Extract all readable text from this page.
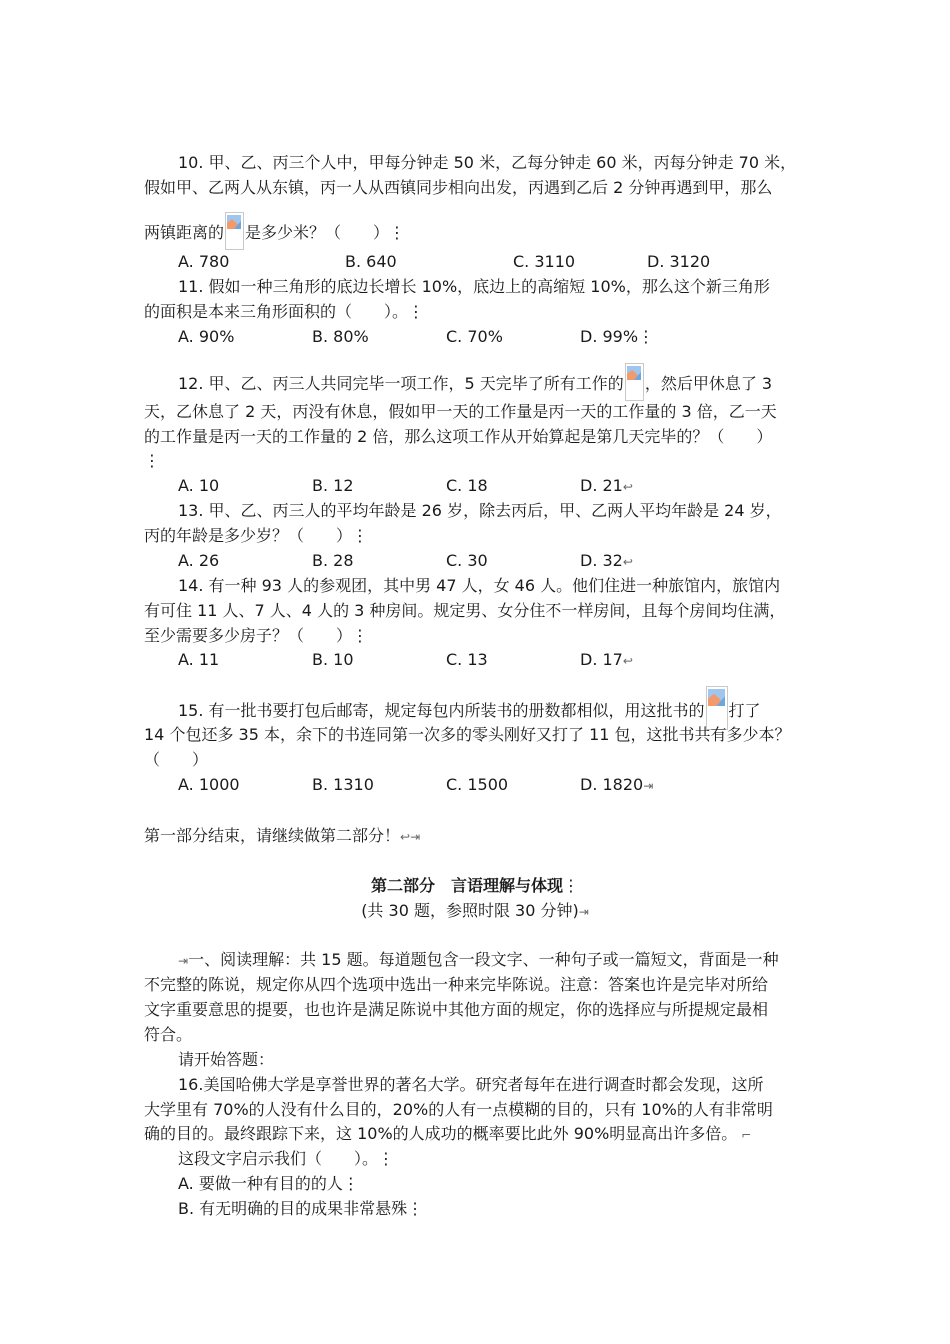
10. 甲、乙、丙三个人中，甲每分钟走 50 米，乙每分钟走 60 米，丙每分钟走 70 米，
假如甲、乙两人从东镇，丙一人从西镇同步相向出发，丙遇到乙后 2 分钟再遇到甲，那么
两镇距离的 是多少米？（　　）⋮
A. 780	B. 640	C. 3110	D. 3120
11. 假如一种三角形的底边长增长 10%，底边上的高缩短 10%，那么这个新三角形
的面积是本来三角形面积的（　　）。⋮
A. 90%	B. 80%	C. 70%	D. 99%⋮
12. 甲、乙、丙三人共同完毕一项工作，5 天完毕了所有工作的 ，然后甲休息了 3
天，乙休息了 2 天，丙没有休息，假如甲一天的工作量是丙一天的工作量的 3 倍，乙一天
的工作量是丙一天的工作量的 2 倍，那么这项工作从开始算起是第几天完毕的？（　　）
⋮
A. 10	B. 12	C. 18	D. 21↩
13. 甲、乙、丙三人的平均年龄是 26 岁，除去丙后，甲、乙两人平均年龄是 24 岁，
丙的年龄是多少岁？（　　）⋮
A. 26	B. 28	C. 30	D. 32↩
14. 有一种 93 人的参观团，其中男 47 人，女 46 人。他们住进一种旅馆内，旅馆内
有可住 11 人、7 人、4 人的 3 种房间。规定男、女分住不一样房间，且每个房间均住满，
至少需要多少房子？（　　）⋮
A. 11	B. 10	C. 13	D. 17↩
15. 有一批书要打包后邮寄，规定每包内所装书的册数都相似，用这批书的 打了
14 个包还多 35 本，余下的书连同第一次多的零头刚好又打了 11 包，这批书共有多少本？
（　　）
A. 1000	B. 1310	C. 1500	D. 1820⇥
第一部分结束，请继续做第二部分！↩⇥
第二部分　言语理解与体现⋮
(共 30 题，参照时限 30 分钟)⇥
⇥一、阅读理解：共 15 题。每道题包含一段文字、一种句子或一篇短文，背面是一种
不完整的陈说，规定你从四个选项中选出一种来完毕陈说。注意：答案也许是完毕对所给
文字重要意思的提要，也也许是满足陈说中其他方面的规定，你的选择应与所提规定最相
符合。
请开始答题：
16.美国哈佛大学是享誉世界的著名大学。研究者每年在进行调查时都会发现，这所
大学里有 70%的人没有什么目的，20%的人有一点模糊的目的，只有 10%的人有非常明
确的目的。最终跟踪下来，这 10%的人成功的概率要比此外 90%明显高出许多倍。 ⌐
这段文字启示我们（　　）。⋮
A. 要做一种有目的的人⋮
B. 有无明确的目的成果非常悬殊⋮
